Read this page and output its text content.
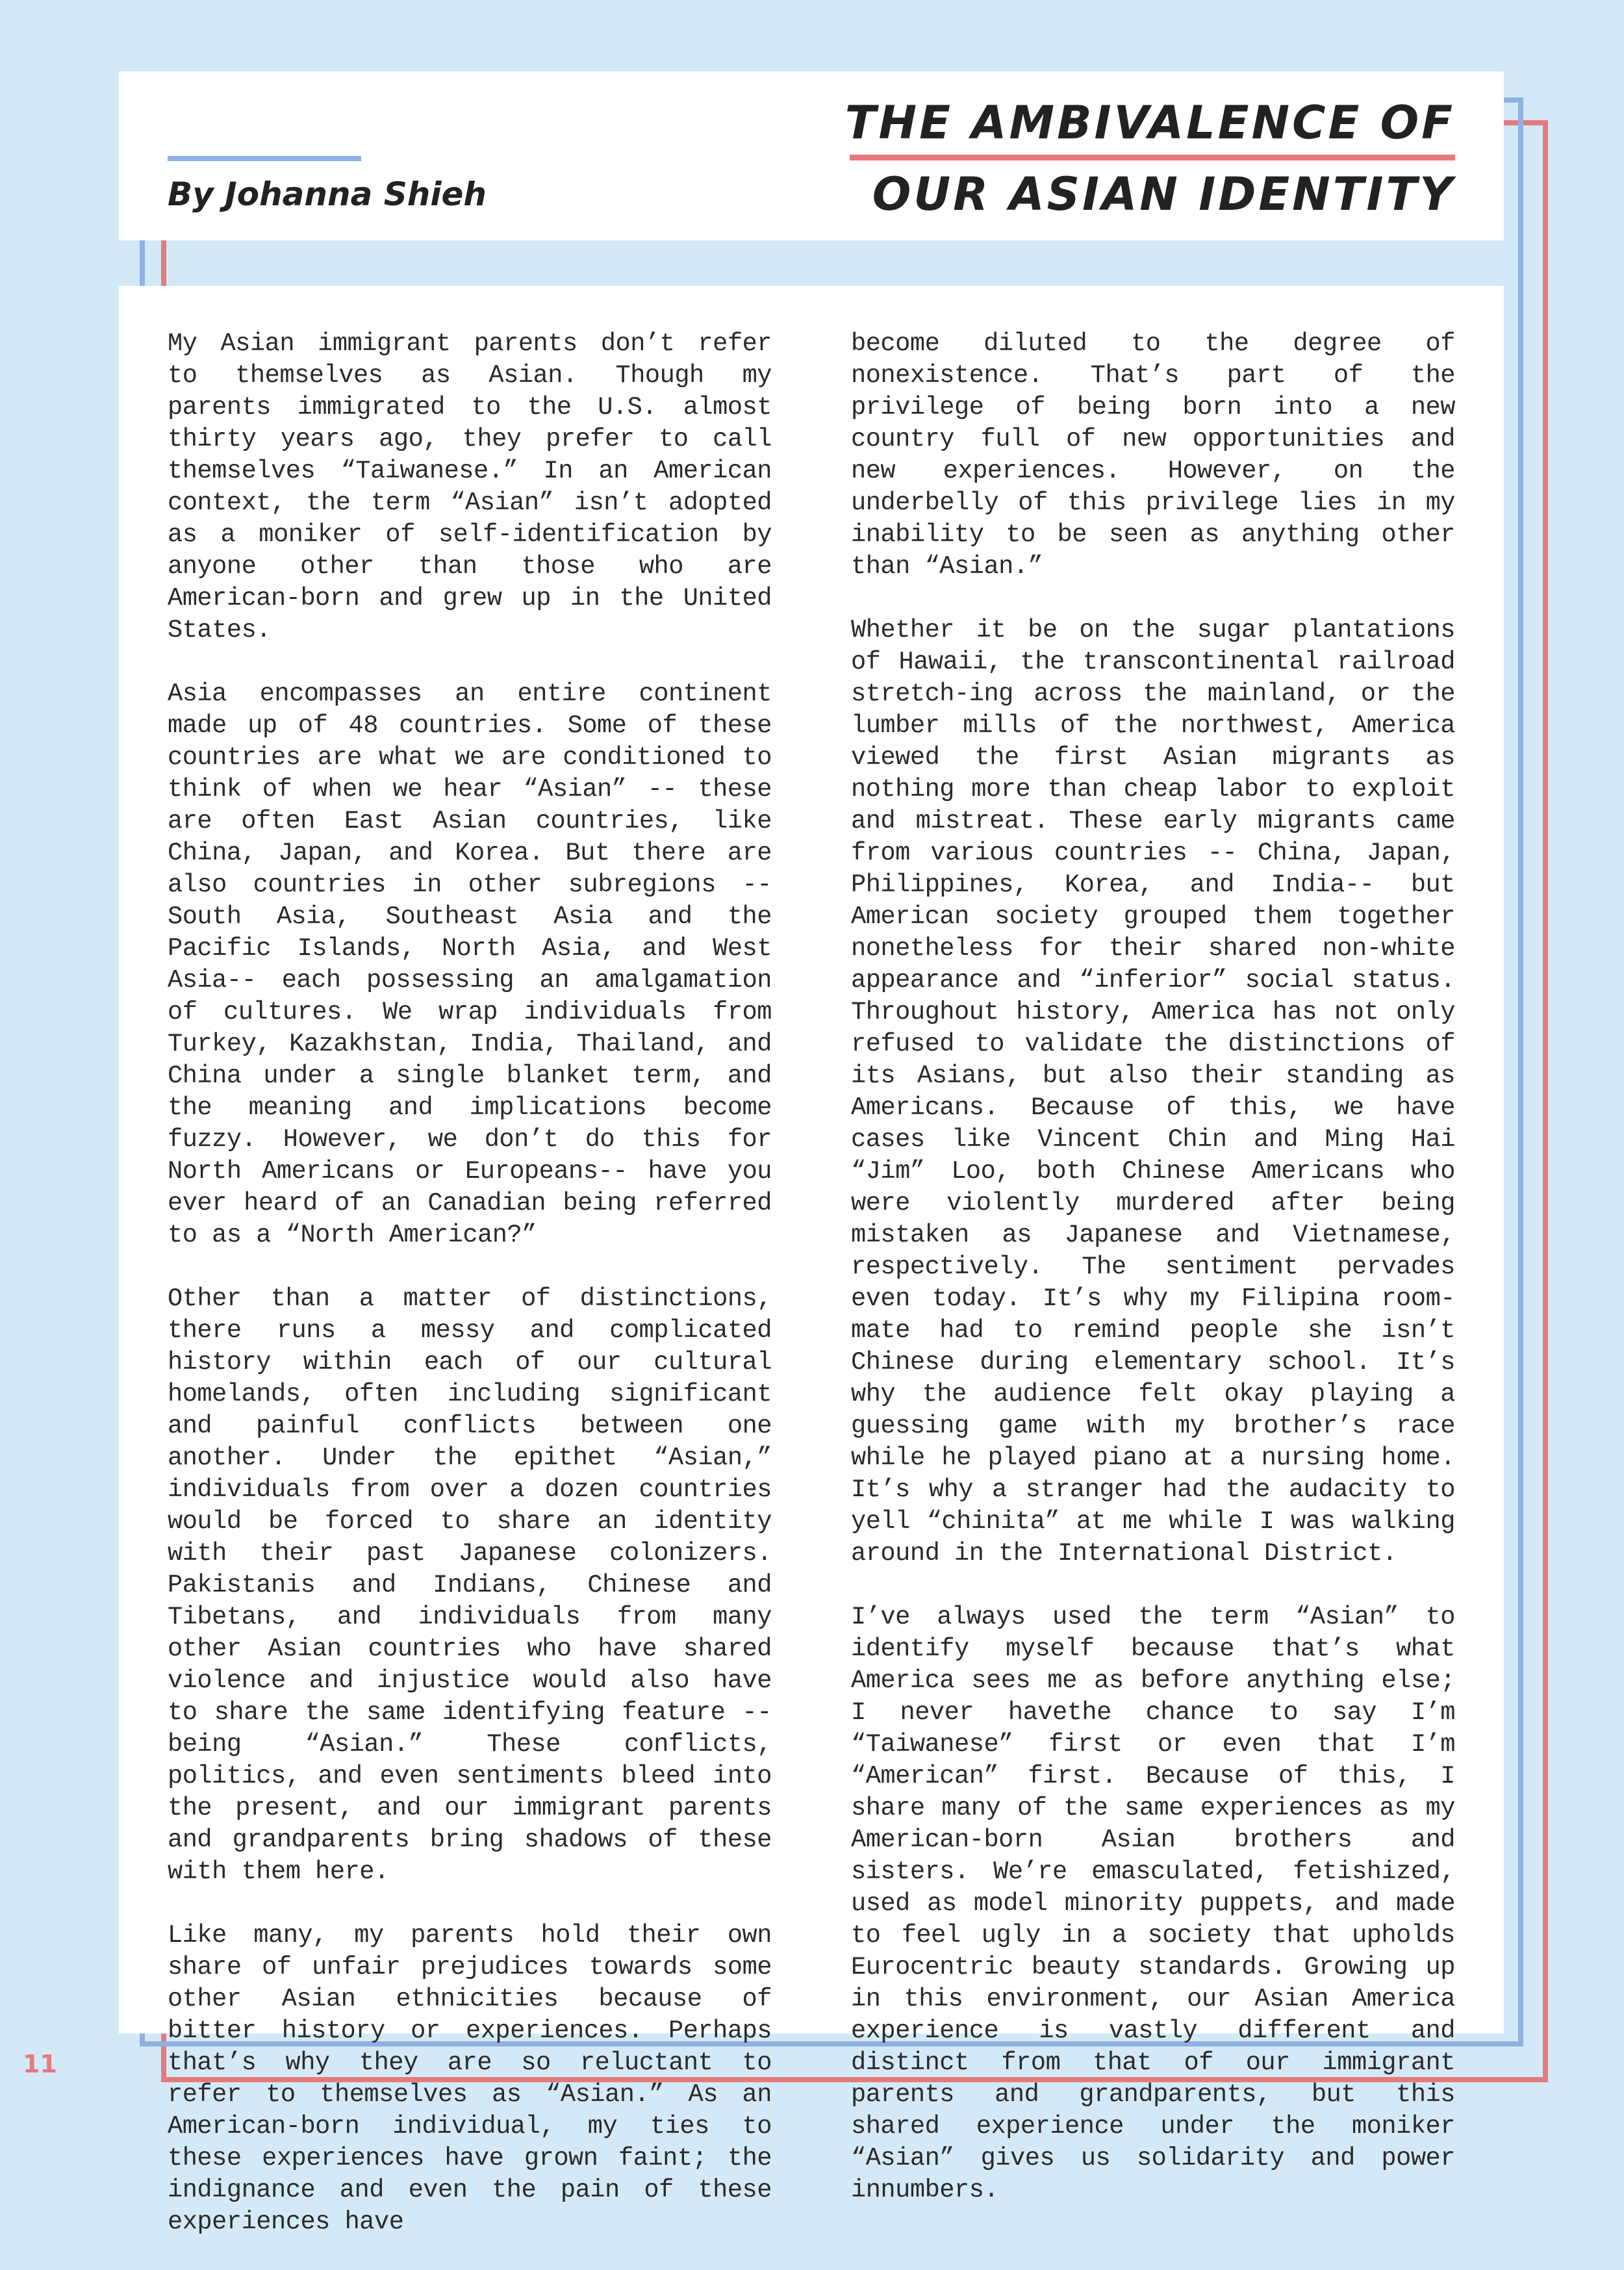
By Johanna Shieh

THE AMBIVALENCE OF
OUR ASIAN IDENTITY

My Asian immigrant parents don’t refer to themselves as Asian. Though my parents immigrated to the U.S. almost thirty years ago, they prefer to call themselves “Taiwanese.” In an American context, the term “Asian” isn’t adopted as a moniker of self-identification by anyone other than those who are American-born and grew up in the United States.

Asia encompasses an entire continent made up of 48 countries. Some of these countries are what we are conditioned to think of when we hear “Asian” -- these are often East Asian countries, like China, Japan, and Korea. But there are also countries in other subregions -- South Asia, Southeast Asia and the Pacific Islands, North Asia, and West Asia-- each possessing an amalgamation of cultures. We wrap individuals from Turkey, Kazakhstan, India, Thailand, and China under a single blanket term, and the meaning and implications become fuzzy. However, we don’t do this for North Americans or Europeans-- have you ever heard of an Canadian being referred to as a “North American?”

Other than a matter of distinctions, there runs a messy and complicated history within each of our cultural homelands, often including significant and painful conflicts between one another. Under the epithet “Asian,” individuals from over a dozen countries would be forced to share an identity with their past Japanese colonizers. Pakistanis and Indians, Chinese and Tibetans, and individuals from many other Asian countries who have shared violence and injustice would also have to share the same identifying feature -- being “Asian.” These conflicts, politics, and even sentiments bleed into the present, and our immigrant parents and grandparents bring shadows of these with them here.

Like many, my parents hold their own share of unfair prejudices towards some other Asian ethnicities because of bitter history or experiences. Perhaps that’s why they are so reluctant to refer to themselves as “Asian.” As an American-born individual, my ties to these experiences have grown faint; the indignance and even the pain of these experiences have

become diluted to the degree of nonexistence. That’s part of the privilege of being born into a new country full of new opportunities and new experiences. However, on the underbelly of this privilege lies in my inability to be seen as anything other than “Asian.”

Whether it be on the sugar plantations of Hawaii, the transcontinental railroad stretch-ing across the mainland, or the lumber mills of the northwest, America viewed the first Asian migrants as nothing more than cheap labor to exploit and mistreat. These early migrants came from various countries -- China, Japan, Philippines, Korea, and India-- but American society grouped them together nonetheless for their shared non-white appearance and “inferior” social status. Throughout history, America has not only refused to validate the distinctions of its Asians, but also their standing as Americans. Because of this, we have cases like Vincent Chin and Ming Hai “Jim” Loo, both Chinese Americans who were violently murdered after being mistaken as Japanese and Vietnamese, respectively. The sentiment pervades even today. It’s why my Filipina room-mate had to remind people she isn’t Chinese during elementary school. It’s why the audience felt okay playing a guessing game with my brother’s race while he played piano at a nursing home. It’s why a stranger had the audacity to yell “chinita” at me while I was walking around in the International District.

I’ve always used the term “Asian” to identify myself because that’s what America sees me as before anything else; I never havethe chance to say I’m “Taiwanese” first or even that I’m “American” first. Because of this, I share many of the same experiences as my American-born Asian brothers and sisters. We’re emasculated, fetishized, used as model minority puppets, and made to feel ugly in a society that upholds Eurocentric beauty standards. Growing up in this environment, our Asian America experience is vastly different and distinct from that of our immigrant parents and grandparents, but this shared experience under the moniker “Asian” gives us solidarity and power innumbers.

11
